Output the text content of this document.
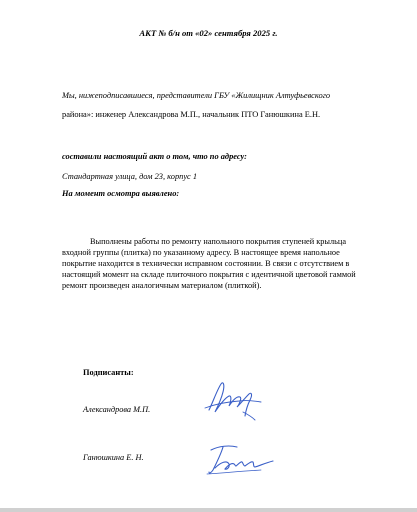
АКТ № б/н от «02» сентября 2025 г.
Мы, нижеподписавшиеся, представители ГБУ «Жилищник Алтуфьевского
района»: инженер Александрова М.П., начальник ПТО Ганюшкина Е.Н.
составили настоящий акт о том, что по адресу:
Стандартная улица, дом 23, корпус 1
На момент осмотра выявлено:
Выполнены работы по ремонту напольного покрытия ступеней крыльца входной группы (плитка) по указанному адресу. В настоящее время напольное покрытие находится в технически исправном состоянии. В связи с отсутствием в настоящий момент на складе плиточного покрытия с идентичной цветовой гаммой ремонт произведен аналогичным материалом (плиткой).
Подписанты:
Александрова М.П.
Ганюшкина Е. Н.
